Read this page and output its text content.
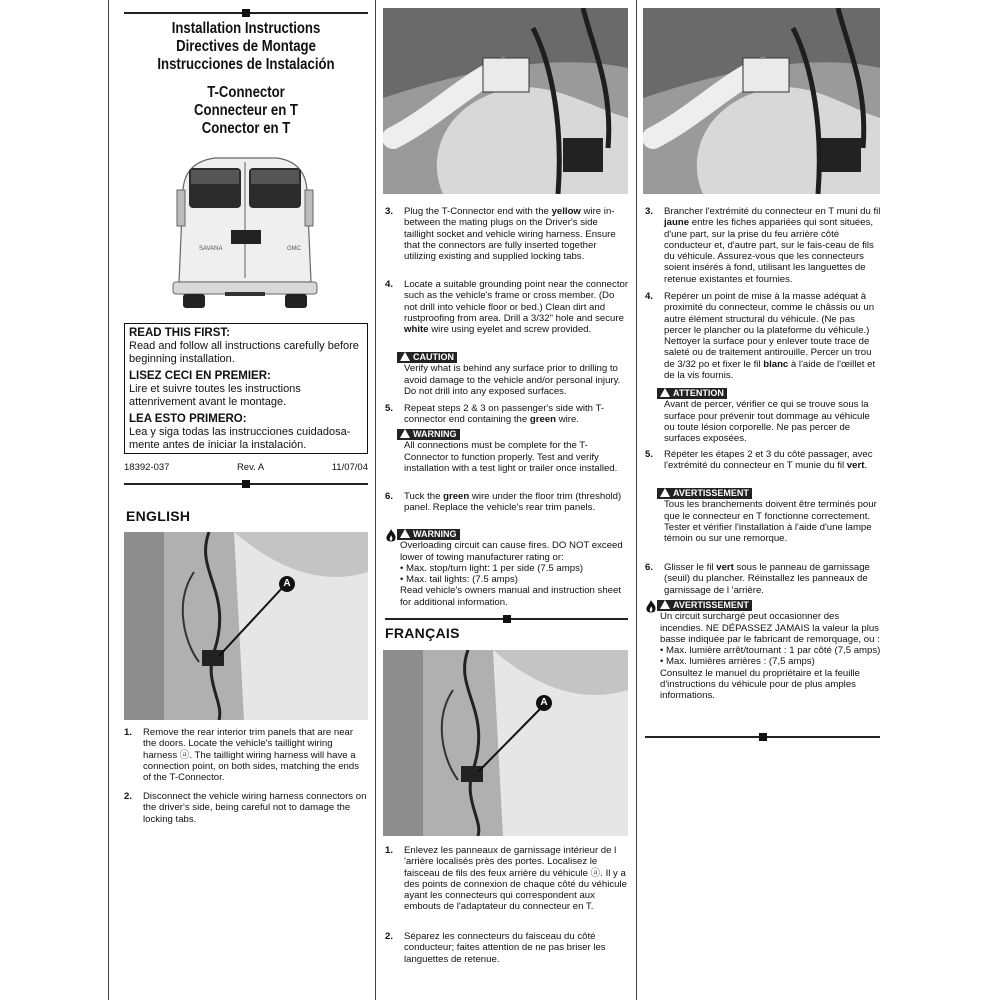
Installation Instructions
Directives de Montage
Instrucciones de Instalación
T-Connector
Connecteur en T
Conector en T
SAVANA	GMC
READ THIS FIRST:
Read and follow all instructions carefully before beginning installation.
LISEZ CECI EN PREMIER:
Lire et suivre toutes les instructions attenrivement avant le montage.
LEA ESTO PRIMERO:
Lea y siga todas las instrucciones cuidadosa-mente antes de iniciar la instalación.
18392-037	Rev. A	11/07/04
ENGLISH
A
1. Remove the rear interior trim panels that are near the doors. Locate the vehicle's taillight wiring harness ⓐ. The taillight wiring harness will have a connection point, on both sides, matching the ends of the T-Connector.
2. Disconnect the vehicle wiring harness connectors on the driver's side, being careful not to damage the locking tabs.
3. Plug the T-Connector end with the yellow wire in-between the mating plugs on the Driver's side taillight socket and vehicle wiring harness. Ensure that the connectors are fully inserted together utilizing existing and supplied locking tabs.
4. Locate a suitable grounding point near the connector such as the vehicle's frame or cross member. (Do not drill into vehicle floor or bed.) Clean dirt and rustproofing from area. Drill a 3/32" hole and secure white wire using eyelet and screw provided.
CAUTION
Verify what is behind any surface prior to drilling to avoid damage to the vehicle and/or personal injury. Do not drill into any exposed surfaces.
5. Repeat steps 2 & 3 on passenger's side with T-connector end containing the green wire.
WARNING
All connections must be complete for the T-Connector to function properly. Test and verify installation with a test light or trailer once installed.
6. Tuck the green wire under the floor trim (threshold) panel. Replace the vehicle's rear trim panels.
WARNING
Overloading circuit can cause fires. DO NOT exceed lower of towing manufacturer rating or:
• Max. stop/turn light: 1 per side (7.5 amps)
• Max. tail lights: (7.5 amps)
Read vehicle's owners manual and instruction sheet for additional information.
FRANÇAIS
A
1. Enlevez les panneaux de garnissage intérieur de l 'arrière localisés près des portes. Localisez le faisceau de fils des feux arrière du véhicule ⓐ. Il y a des points de connexion de chaque côté du véhicule ayant les connecteurs qui correspondent aux embouts de l'adaptateur du connecteur en T.
2. Séparez les connecteurs du faisceau du côté conducteur; faites attention de ne pas briser les languettes de retenue.
3. Brancher l'extrémité du connecteur en T muni du fil jaune entre les fiches appariées qui sont situées, d'une part, sur la prise du feu arrière côté conducteur et, d'autre part, sur le fais-ceau de fils du véhicule. Assurez-vous que les connecteurs soient insérés à fond, utilisant les languettes de retenue existantes et fournies.
4. Repérer un point de mise à la masse adéquat à proximité du connecteur, comme le châssis ou un autre élément structural du véhicule. (Ne pas percer le plancher ou la plateforme du véhicule.) Nettoyer la surface pour y enlever toute trace de saleté ou de traitement antirouille. Percer un trou de 3/32 po et fixer le fil blanc à l'aide de l'œillet et de la vis fournis.
ATTENTION
Avant de percer, vérifier ce qui se trouve sous la surface pour prévenir tout dommage au véhicule ou toute lésion corporelle. Ne pas percer de surfaces exposées.
5. Répéter les étapes 2 et 3 du côté passager, avec l'extrémité du connecteur en T munie du fil vert.
AVERTISSEMENT
Tous les branchements doivent être terminés pour que le connecteur en T fonctionne correctement. Tester et vérifier l'installation à l'aide d'une lampe témoin ou sur une remorque.
6. Glisser le fil vert sous le panneau de garnissage (seuil) du plancher. Réinstallez les panneaux de garnissage de l 'arrière.
AVERTISSEMENT
Un circuit surchargé peut occasionner des incendies. NE DÉPASSEZ JAMAIS la valeur la plus basse indiquée par le fabricant de remorquage, ou :
• Max. lumière arrêt/tournant : 1 par côté (7,5 amps)
• Max. lumières arrières : (7,5 amps)
Consultez le manuel du propriétaire et la feuille d'instructions du véhicule pour de plus amples informations.
